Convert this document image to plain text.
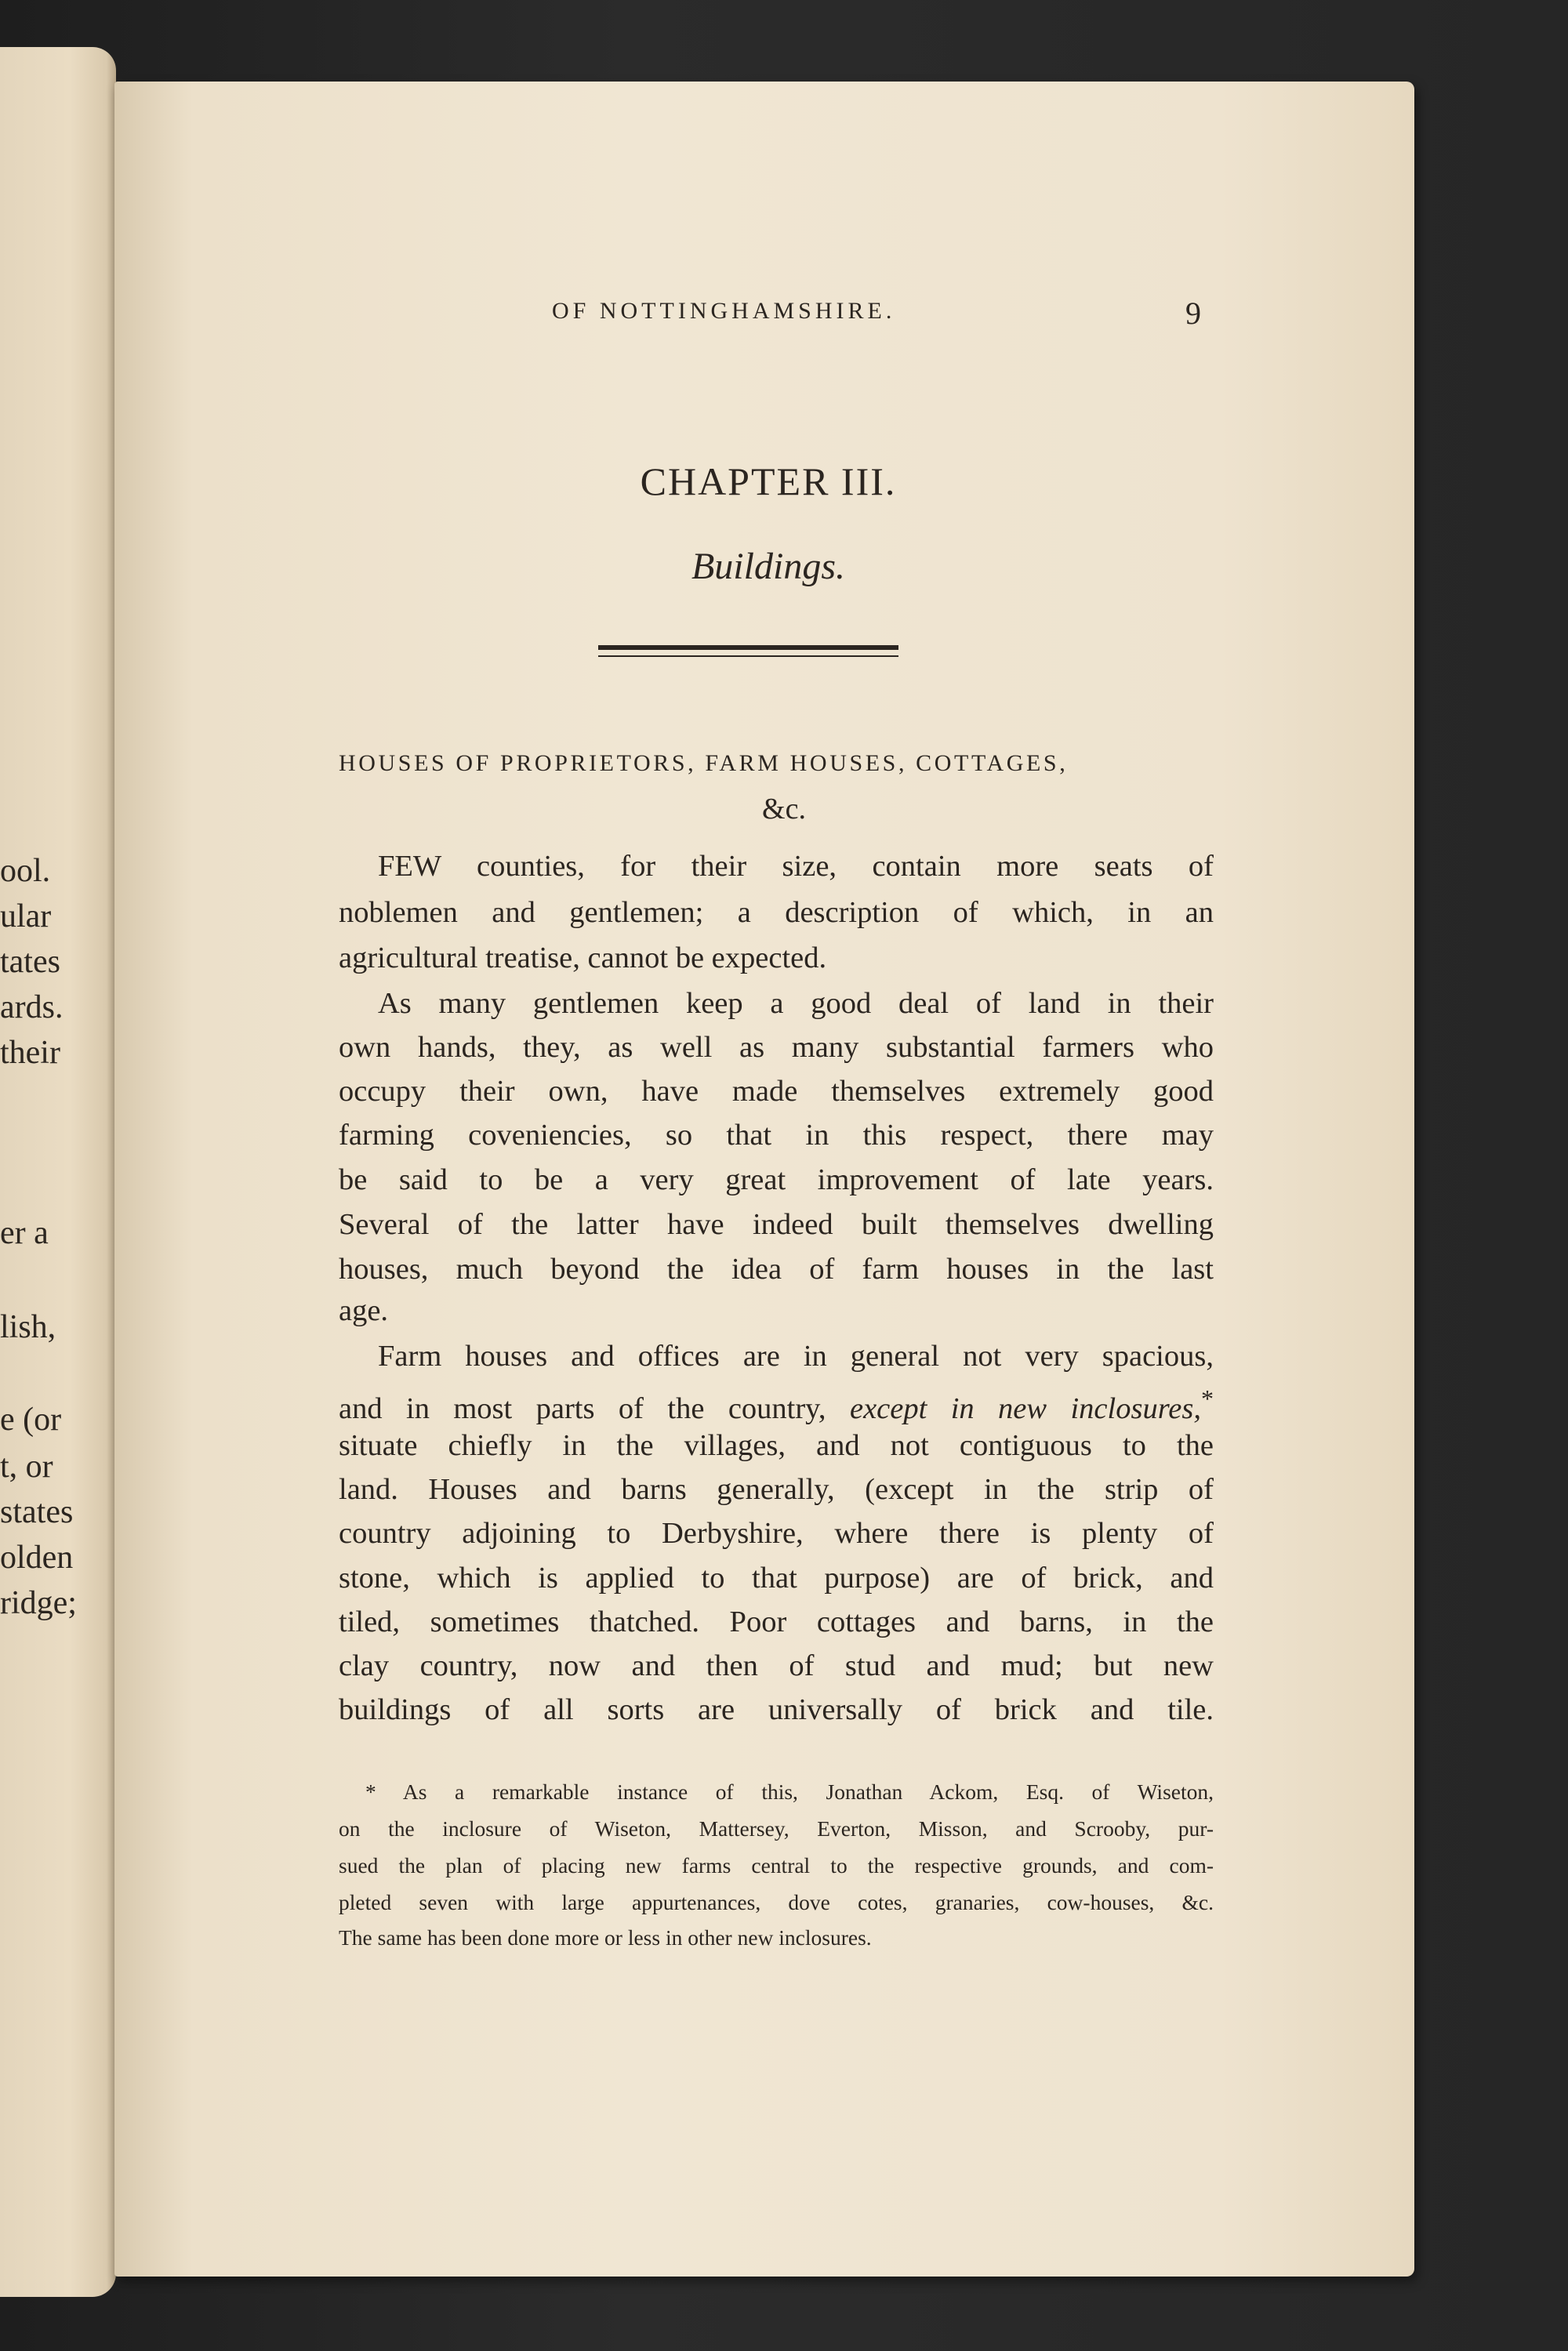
ool.
ular
tates
ards.
their
er a
lish,
e (or
t, or
states
olden
ridge;
OF NOTTINGHAMSHIRE.	9
CHAPTER III.
Buildings.
HOUSES OF PROPRIETORS, FARM HOUSES, COTTAGES,
&c.
FEW counties, for their size, contain more seats of
noblemen and gentlemen; a description of which, in an
agricultural treatise, cannot be expected.
As many gentlemen keep a good deal of land in their
own hands, they, as well as many substantial farmers who
occupy their own, have made themselves extremely good
farming coveniencies, so that in this respect, there may
be said to be a very great improvement of late years.
Several of the latter have indeed built themselves dwelling
houses, much beyond the idea of farm houses in the last
age.
Farm houses and offices are in general not very spacious,
and in most parts of the country, except in new inclosures,*
situate chiefly in the villages, and not contiguous to the
land. Houses and barns generally, (except in the strip of
country adjoining to Derbyshire, where there is plenty of
stone, which is applied to that purpose) are of brick, and
tiled, sometimes thatched. Poor cottages and barns, in the
clay country, now and then of stud and mud; but new
buildings of all sorts are universally of brick and tile.
* As a remarkable instance of this, Jonathan Ackom, Esq. of Wiseton,
on the inclosure of Wiseton, Mattersey, Everton, Misson, and Scrooby, pur-
sued the plan of placing new farms central to the respective grounds, and com-
pleted seven with large appurtenances, dove cotes, granaries, cow-houses, &c.
The same has been done more or less in other new inclosures.
